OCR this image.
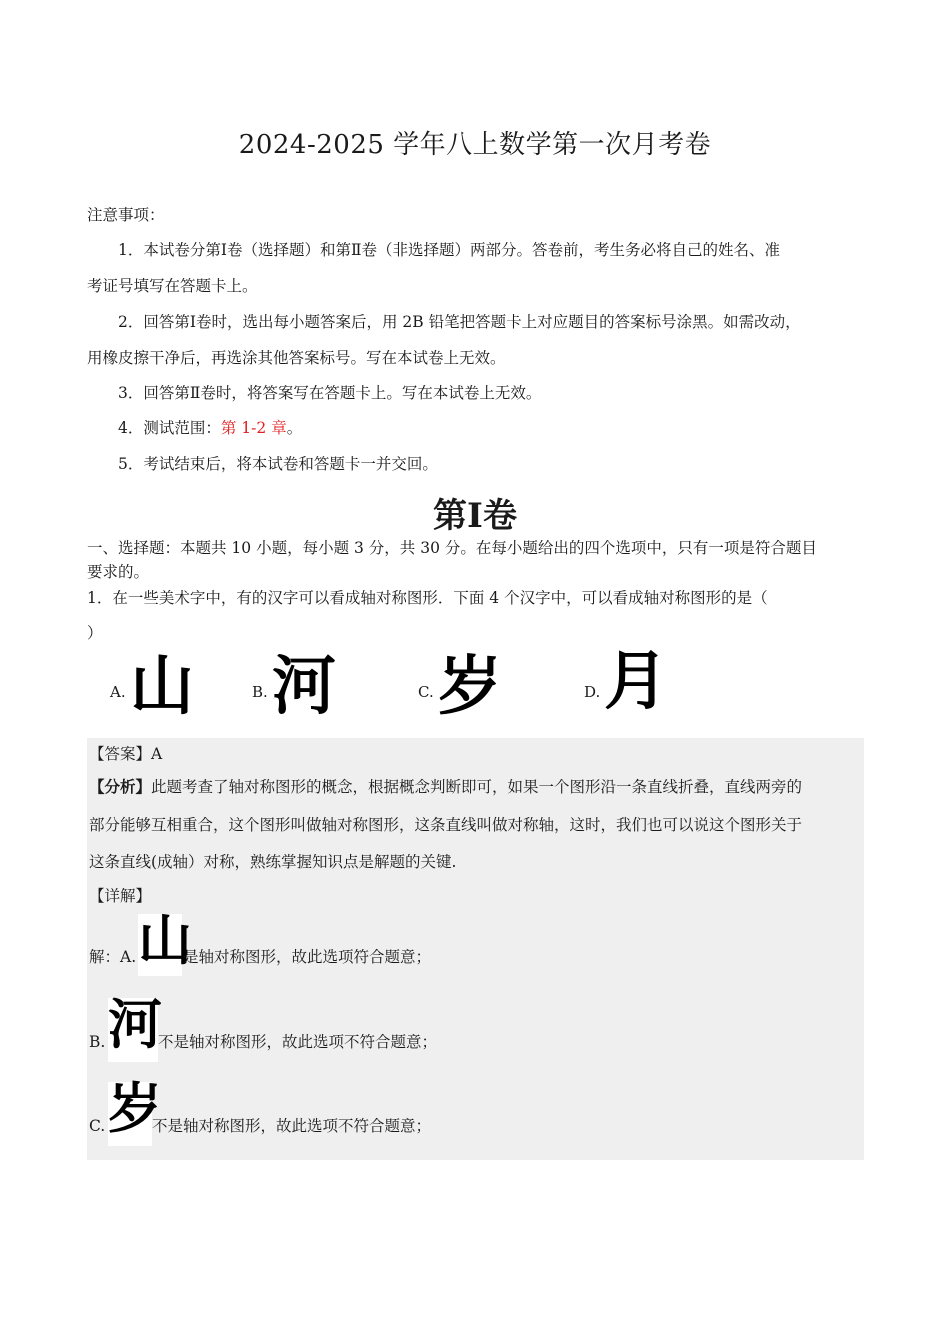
2024-2025 学年八上数学第一次月考卷
注意事项：
1．本试卷分第Ⅰ卷（选择题）和第Ⅱ卷（非选择题）两部分。答卷前，考生务必将自己的姓名、准
考证号填写在答题卡上。
2．回答第Ⅰ卷时，选出每小题答案后，用 2B 铅笔把答题卡上对应题目的答案标号涂黑。如需改动，
用橡皮擦干净后，再选涂其他答案标号。写在本试卷上无效。
3．回答第Ⅱ卷时，将答案写在答题卡上。写在本试卷上无效。
4．测试范围：第 1-2 章。
5．考试结束后，将本试卷和答题卡一并交回。
第Ⅰ卷
一、选择题：本题共 10 小题，每小题 3 分，共 30 分。在每小题给出的四个选项中，只有一项是符合题目
要求的。
1．在一些美术字中，有的汉字可以看成轴对称图形．下面 4 个汉字中，可以看成轴对称图形的是（
）
A. 山	B. 河	C. 岁	D. 月
【答案】A
【分析】此题考查了轴对称图形的概念，根据概念判断即可，如果一个图形沿一条直线折叠，直线两旁的
部分能够互相重合，这个图形叫做轴对称图形，这条直线叫做对称轴，这时，我们也可以说这个图形关于
这条直线(成轴）对称，熟练掌握知识点是解题的关键.
【详解】
解：A. 山
是轴对称图形，故此选项符合题意；
B. 河
不是轴对称图形，故此选项不符合题意；
C. 岁
不是轴对称图形，故此选项不符合题意；
